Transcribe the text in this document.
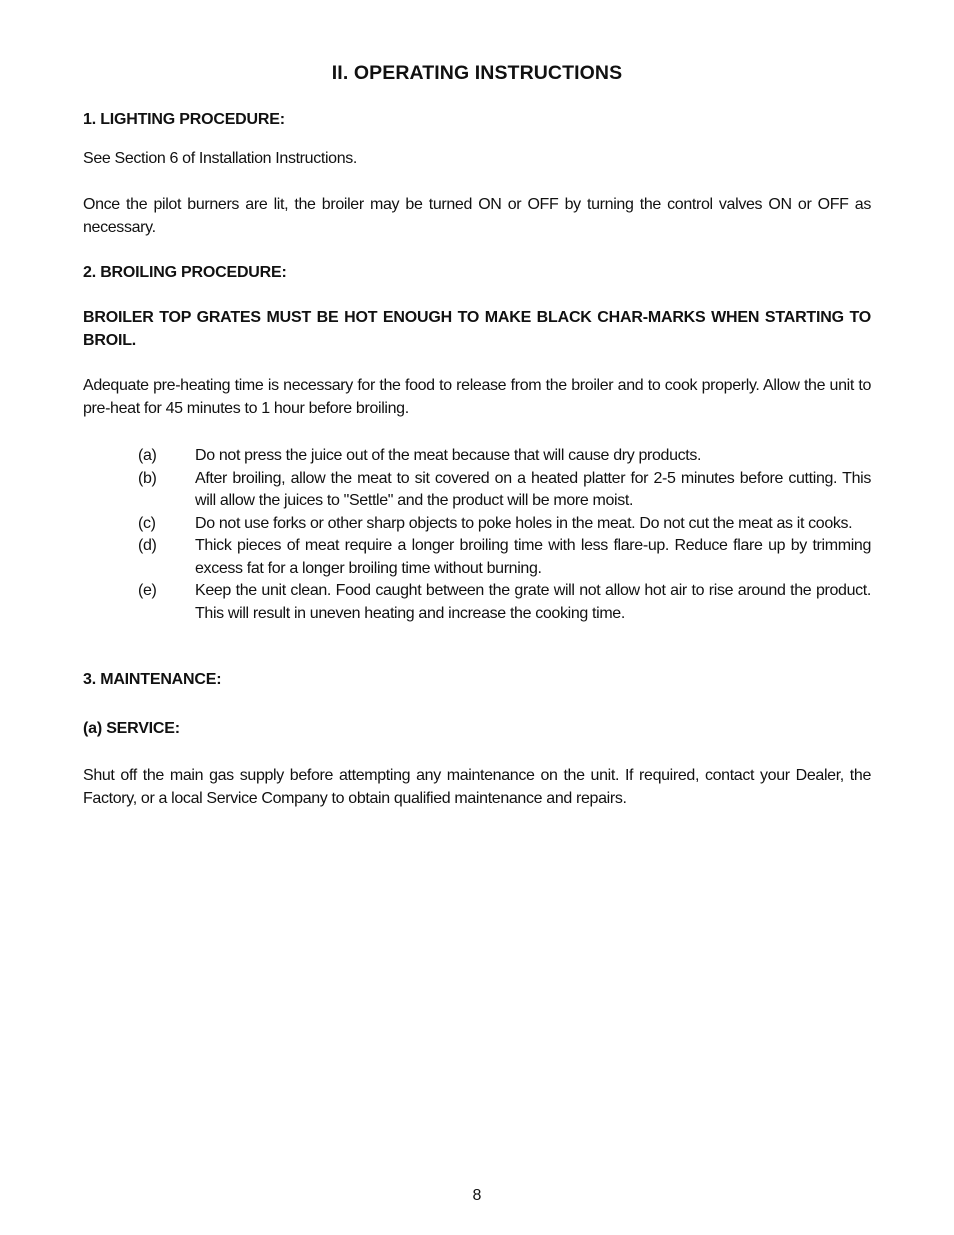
II. OPERATING INSTRUCTIONS
1. LIGHTING PROCEDURE:
See Section 6 of Installation Instructions.
Once the pilot burners are lit, the broiler may be turned ON or OFF by turning the control valves ON or OFF as necessary.
2. BROILING PROCEDURE:
BROILER TOP GRATES MUST BE HOT ENOUGH TO MAKE BLACK CHAR-MARKS WHEN STARTING TO BROIL.
Adequate pre-heating time is necessary for the food to release from the broiler and to cook properly. Allow the unit to pre-heat for 45 minutes to 1 hour before broiling.
(a) Do not press the juice out of the meat because that will cause dry products.
(b) After broiling, allow the meat to sit covered on a heated platter for 2-5 minutes before cutting. This will allow the juices to "Settle" and the product will be more moist.
(c) Do not use forks or other sharp objects to poke holes in the meat. Do not cut the meat as it cooks.
(d) Thick pieces of meat require a longer broiling time with less flare-up. Reduce flare up by trimming excess fat for a longer broiling time without burning.
(e) Keep the unit clean. Food caught between the grate will not allow hot air to rise around the product. This will result in uneven heating and increase the cooking time.
3. MAINTENANCE:
(a) SERVICE:
Shut off the main gas supply before attempting any maintenance on the unit. If required, contact your Dealer, the Factory, or a local Service Company to obtain qualified maintenance and repairs.
8
